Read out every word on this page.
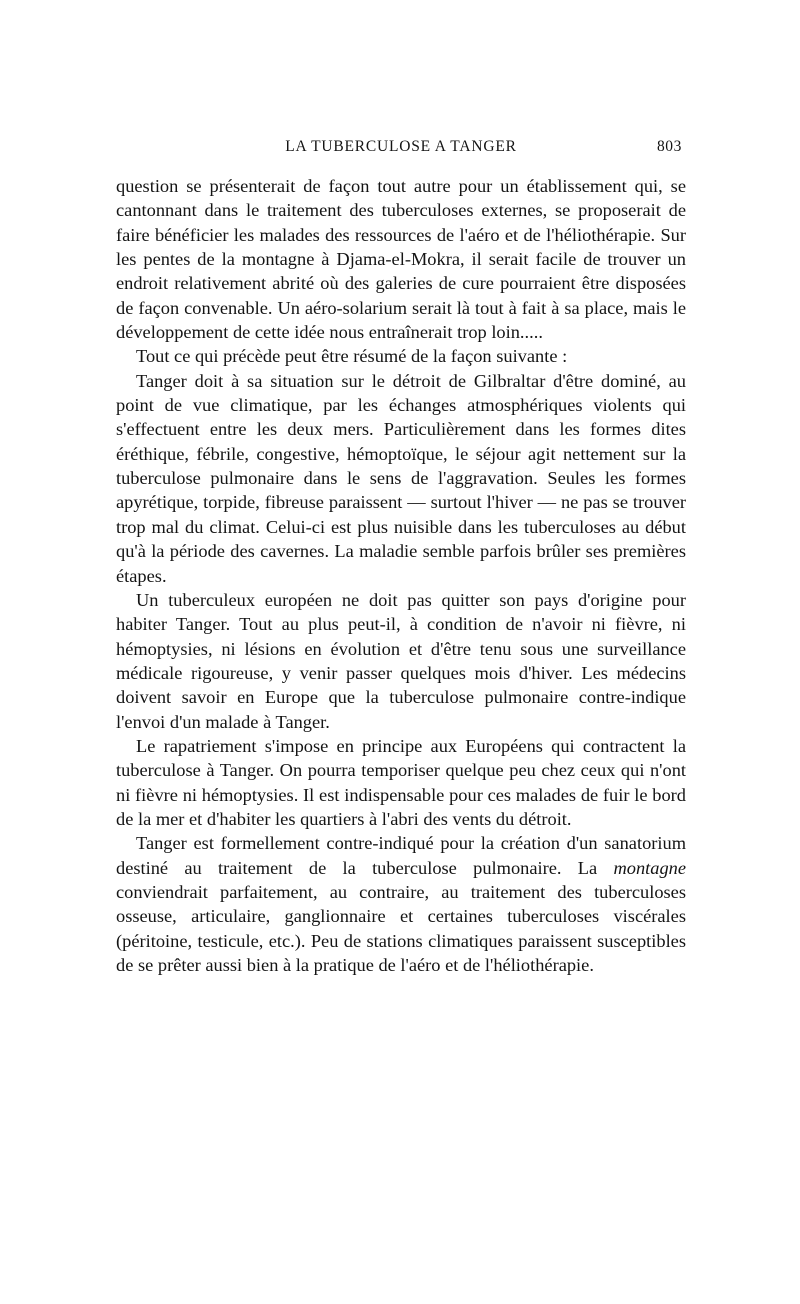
LA TUBERCULOSE A TANGER	803

question se présenterait de façon tout autre pour un établissement qui, se cantonnant dans le traitement des tuberculoses externes, se proposerait de faire bénéficier les malades des ressources de l'aéro et de l'héliothérapie. Sur les pentes de la montagne à Djama-el-Mokra, il serait facile de trouver un endroit relativement abrité où des galeries de cure pourraient être disposées de façon convenable. Un aéro-solarium serait là tout à fait à sa place, mais le développement de cette idée nous entraînerait trop loin.....

Tout ce qui précède peut être résumé de la façon suivante :

Tanger doit à sa situation sur le détroit de Gilbraltar d'être dominé, au point de vue climatique, par les échanges atmosphériques violents qui s'effectuent entre les deux mers. Particulièrement dans les formes dites éréthique, fébrile, congestive, hémoptoïque, le séjour agit nettement sur la tuberculose pulmonaire dans le sens de l'aggravation. Seules les formes apyrétique, torpide, fibreuse paraissent — surtout l'hiver — ne pas se trouver trop mal du climat. Celui-ci est plus nuisible dans les tuberculoses au début qu'à la période des cavernes. La maladie semble parfois brûler ses premières étapes.

Un tuberculeux européen ne doit pas quitter son pays d'origine pour habiter Tanger. Tout au plus peut-il, à condition de n'avoir ni fièvre, ni hémoptysies, ni lésions en évolution et d'être tenu sous une surveillance médicale rigoureuse, y venir passer quelques mois d'hiver. Les médecins doivent savoir en Europe que la tuberculose pulmonaire contre-indique l'envoi d'un malade à Tanger.

Le rapatriement s'impose en principe aux Européens qui contractent la tuberculose à Tanger. On pourra temporiser quelque peu chez ceux qui n'ont ni fièvre ni hémoptysies. Il est indispensable pour ces malades de fuir le bord de la mer et d'habiter les quartiers à l'abri des vents du détroit.

Tanger est formellement contre-indiqué pour la création d'un sanatorium destiné au traitement de la tuberculose pulmonaire. La montagne conviendrait parfaitement, au contraire, au traitement des tuberculoses osseuse, articulaire, ganglionnaire et certaines tuberculoses viscérales (péritoine, testicule, etc.). Peu de stations climatiques paraissent susceptibles de se prêter aussi bien à la pratique de l'aéro et de l'héliothérapie.
